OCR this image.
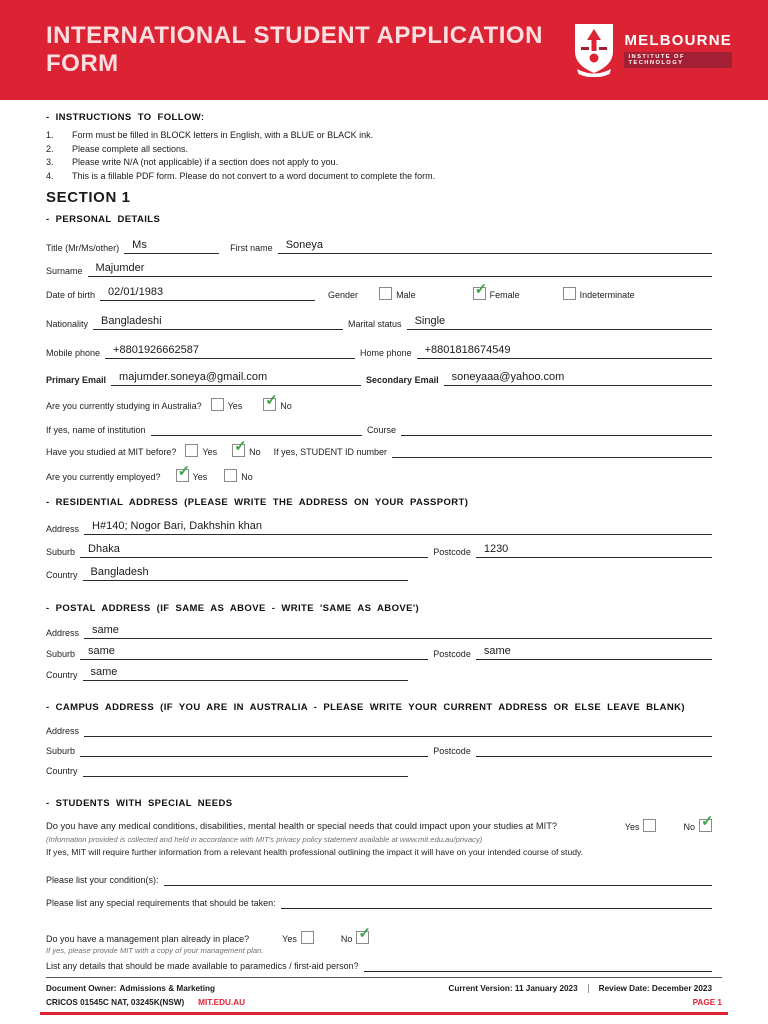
INTERNATIONAL STUDENT APPLICATION FORM
MELBOURNE
INSTITUTE OF TECHNOLOGY
- INSTRUCTIONS TO FOLLOW:
1.	Form must be filled in BLOCK letters in English, with a BLUE or BLACK ink.
2.	Please complete all sections.
3.	Please write N/A (not applicable) if a section does not apply to you.
4.	This is a fillable PDF form. Please do not convert to a word document to complete the form.
SECTION 1
- PERSONAL DETAILS
Title (Mr/Ms/other)	Ms	First name	Soneya
Surname	Majumder
Date of birth	02/01/1983	Gender	Male	✓ Female	Indeterminate
Nationality	Bangladeshi	Marital status	Single
Mobile phone	+8801926662587	Home phone	+8801818674549
Primary Email	majumder.soneya@gmail.com	Secondary Email	soneyaaa@yahoo.com
Are you currently studying in Australia?	Yes ✓ No
If yes, name of institution	Course
Have you studied at MIT before?	Yes ✓ No If yes, STUDENT ID number
Are you currently employed? ✓ Yes	No
- RESIDENTIAL ADDRESS (PLEASE WRITE THE ADDRESS ON YOUR PASSPORT)
Address	H#140; Nogor Bari, Dakhshin khan
Suburb	Dhaka	Postcode	1230
Country	Bangladesh
- POSTAL ADDRESS (IF SAME AS ABOVE - WRITE 'SAME AS ABOVE')
Address	same
Suburb	same	Postcode	same
Country	same
- CAMPUS ADDRESS (IF YOU ARE IN AUSTRALIA - PLEASE WRITE YOUR CURRENT ADDRESS OR ELSE LEAVE BLANK)
Address
Suburb	Postcode
Country
- STUDENTS WITH SPECIAL NEEDS
Do you have any medical conditions, disabilities, mental health or special needs that could impact upon your studies at MIT?	Yes	No ✓
(Information provided is collected and held in accordance with MIT's privacy policy statement available at www.mit.edu.au/privacy)
If yes, MIT will require further information from a relevant health professional outlining the impact it will have on your intended course of study.
Please list your condition(s):
Please list any special requirements that should be taken:
Do you have a management plan already in place?	Yes	No ✓
If yes, please provide MIT with a copy of your management plan.
List any details that should be made available to paramedics / first-aid person?
Document Owner: Admissions & Marketing	Current Version: 11 January 2023	Review Date: December 2023
CRICOS 01545C NAT, 03245K(NSW) MIT.EDU.AU	PAGE 1
